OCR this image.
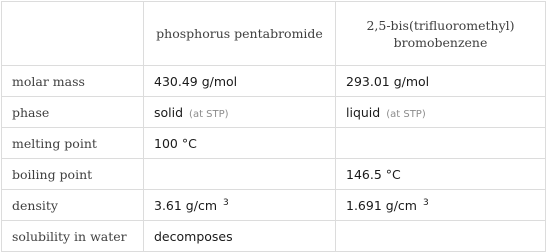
	phosphorus pentabromide	2,5-bis(trifluoromethyl)
bromobenzene
molar mass	430.49 g/mol	293.01 g/mol
phase	solid (at STP)	liquid (at STP)
melting point	100 °C	
boiling point		146.5 °C
density	3.61 g/cm $^3$	1.691 g/cm $^3$
solubility in water	decomposes	
